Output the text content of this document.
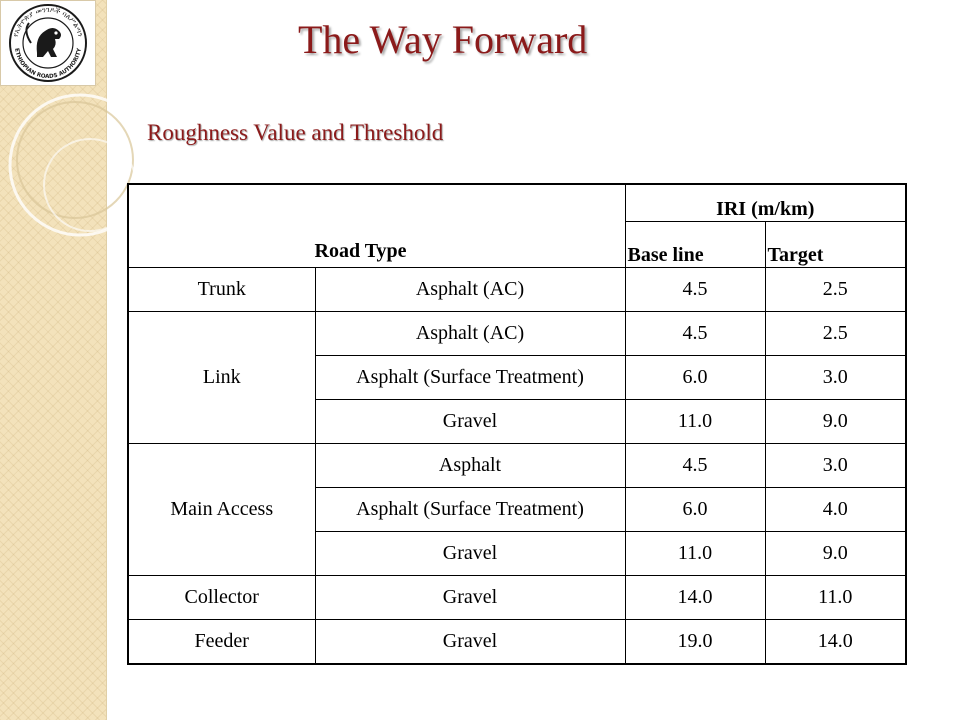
የኢትዮጵያ መንገዶች ባለሥልጣን
ETHIOPIAN ROADS AUTHORITY	The Way Forward
Roughness Value and Threshold
Road Type		IRI (m/km)	
		Base line	Target
Trunk	Asphalt (AC)	4.5	2.5
Link	Asphalt (AC)	4.5	2.5
	Asphalt (Surface Treatment)	6.0	3.0
	Gravel	11.0	9.0
Main Access	Asphalt	4.5	3.0
	Asphalt (Surface Treatment)	6.0	4.0
	Gravel	11.0	9.0
Collector	Gravel	14.0	11.0
Feeder	Gravel	19.0	14.0
